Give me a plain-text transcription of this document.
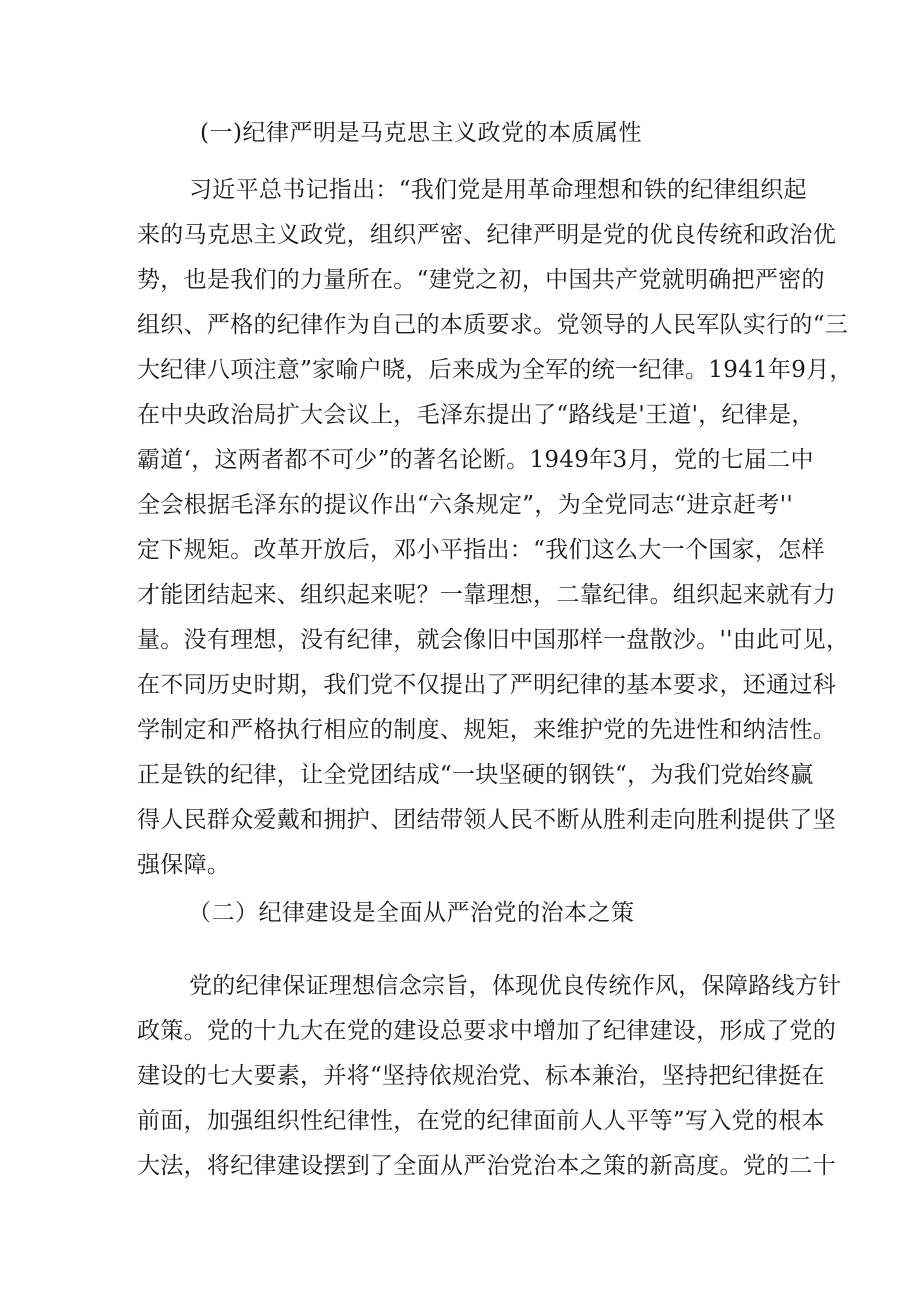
(一)纪律严明是马克思主义政党的本质属性
习近平总书记指出：“我们党是用革命理想和铁的纪律组织起
来的马克思主义政党，组织严密、纪律严明是党的优良传统和政治优
势，也是我们的力量所在。“建党之初，中国共产党就明确把严密的
组织、严格的纪律作为自己的本质要求。党领导的人民军队实行的“三
大纪律八项注意”家喻户晓，后来成为全军的统一纪律。1941年9月，
在中央政治局扩大会议上，毛泽东提出了“路线是'王道'，纪律是，
霸道‘，这两者都不可少”的著名论断。1949年3月，党的七届二中
全会根据毛泽东的提议作出“六条规定”，为全党同志“进京赶考''
定下规矩。改革开放后，邓小平指出：“我们这么大一个国家，怎样
才能团结起来、组织起来呢？一靠理想，二靠纪律。组织起来就有力
量。没有理想，没有纪律，就会像旧中国那样一盘散沙。''由此可见，
在不同历史时期，我们党不仅提出了严明纪律的基本要求，还通过科
学制定和严格执行相应的制度、规矩，来维护党的先进性和纳洁性。
正是铁的纪律，让全党团结成“一块坚硬的钢铁“，为我们党始终赢
得人民群众爱戴和拥护、团结带领人民不断从胜利走向胜利提供了坚
强保障。
（二）纪律建设是全面从严治党的治本之策
党的纪律保证理想信念宗旨，体现优良传统作风，保障路线方针
政策。党的十九大在党的建设总要求中增加了纪律建设，形成了党的
建设的七大要素，并将“坚持依规治党、标本兼治，坚持把纪律挺在
前面，加强组织性纪律性，在党的纪律面前人人平等”写入党的根本
大法，将纪律建设摆到了全面从严治党治本之策的新高度。党的二十
